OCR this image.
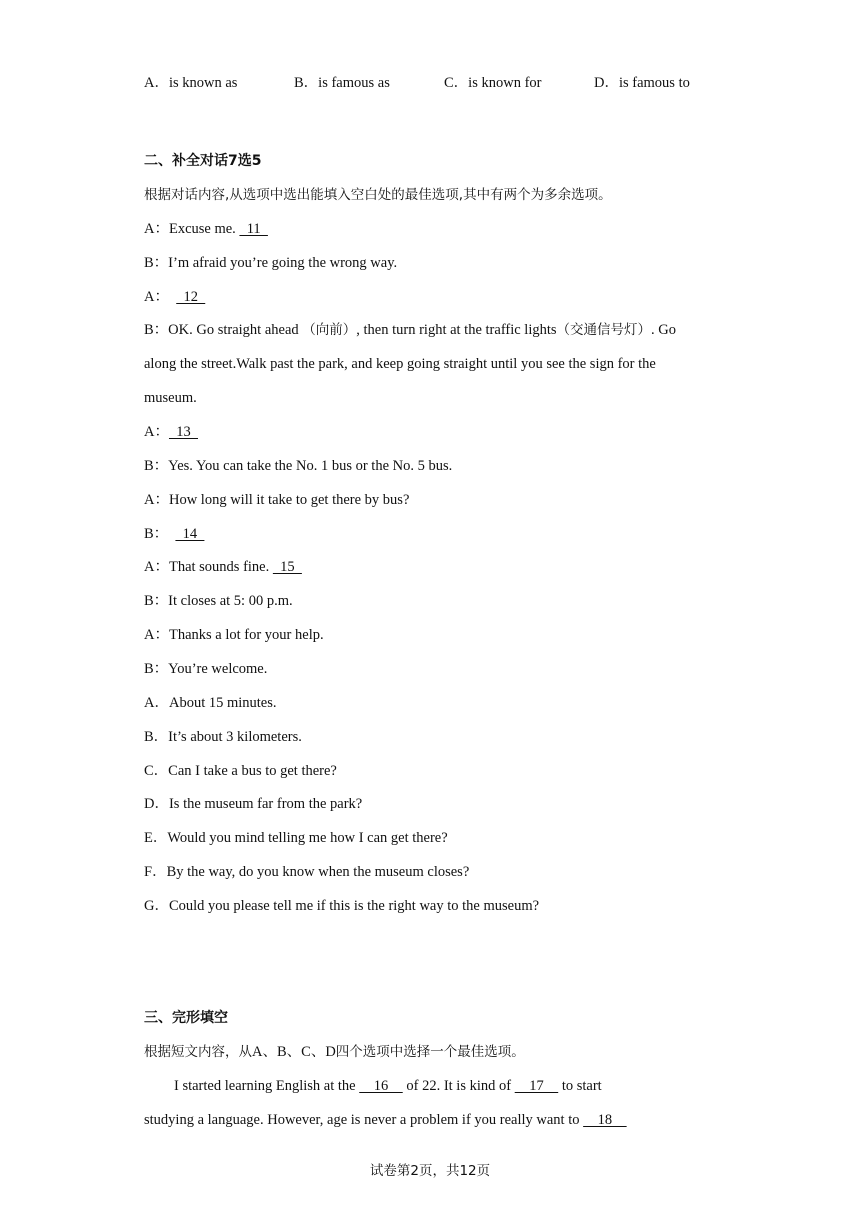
A．is known as	B．is famous as	C．is known for	D．is famous to
二、补全对话7选5
根据对话内容,从选项中选出能填入空白处的最佳选项,其中有两个为多余选项。
A：Excuse me.   11
B：I’m afraid you’re going the wrong way.
A：    12
B：OK. Go straight ahead （向前）, then turn right at the traffic lights（交通信号灯）. Go
along the street.Walk past the park, and keep going straight until you see the sign for the
museum.
A：  13
B：Yes. You can take the No. 1 bus or the No. 5 bus.
A：How long will it take to get there by bus?
B：    14
A：That sounds fine.   15
B：It closes at 5: 00 p.m.
A：Thanks a lot for your help.
B：You’re welcome.
A．About 15 minutes.
B．It’s about 3 kilometers.
C．Can I take a bus to get there?
D．Is the museum far from the park?
E．Would you mind telling me how I can get there?
F．By the way, do you know when the museum closes?
G．Could you please tell me if this is the right way to the museum?
三、完形填空
根据短文内容，从A、B、C、D四个选项中选择一个最佳选项。
I started learning English at the     16     of 22. It is kind of     17     to start
studying a language. However, age is never a problem if you really want to     18
试卷第2页，共12页
